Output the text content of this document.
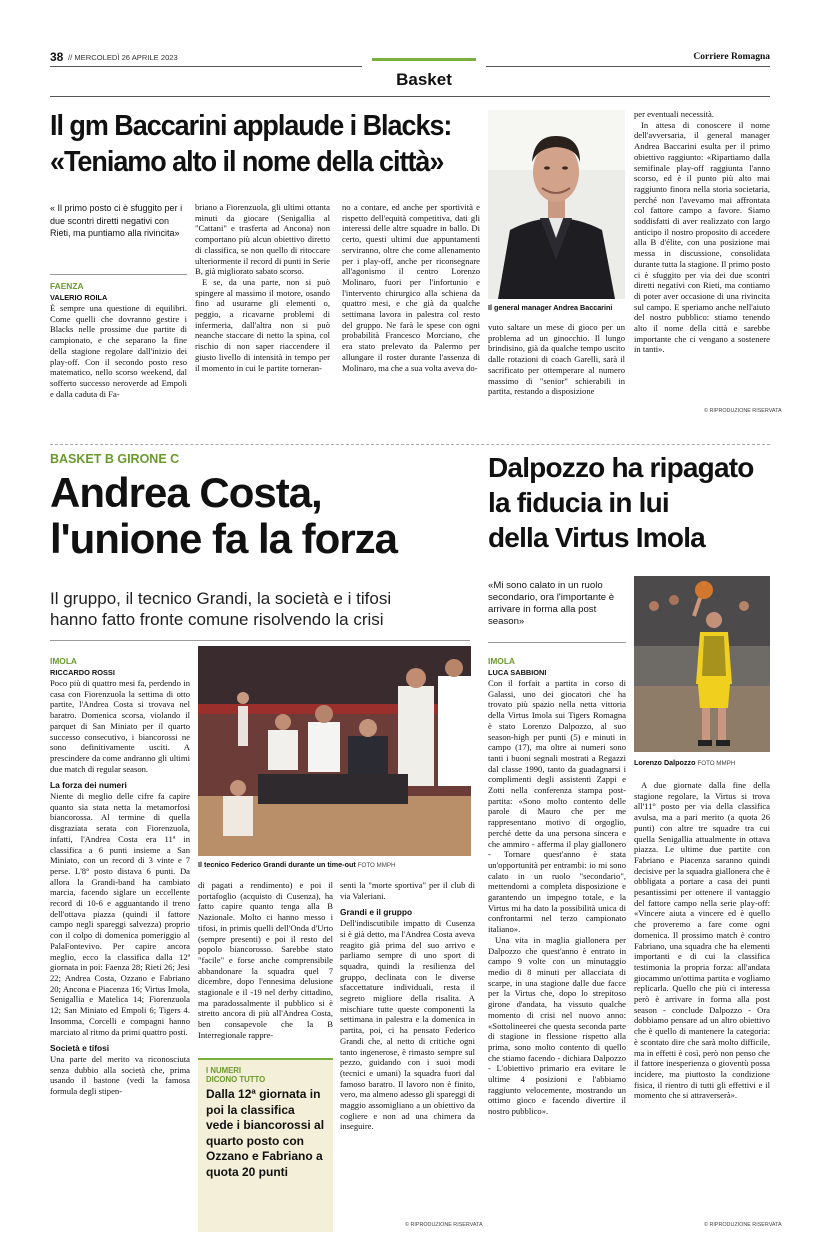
38 // MERCOLEDÌ 26 APRILE 2023	Corriere Romagna
Basket
Il gm Baccarini applaude i Blacks:
«Teniamo alto il nome della città»
« Il primo posto ci è sfuggito per i due scontri diretti negativi con Rieti, ma puntiamo alla rivincita»
FAENZA
VALERIO ROILA

È sempre una questione di equilibri. Come quelli che dovranno gestire i Blacks nelle prossime due partite di campionato, e che separano la fine della stagione regolare dall'inizio dei play-off. Con il secondo posto reso matematico, nello scorso weekend, dal sofferto successo neroverde ad Empoli e dalla caduta di Fa-

briano a Fiorenzuola, gli ultimi ottanta minuti da giocare (Senigallia al "Cattani" e trasferta ad Ancona) non comportano più alcun obiettivo diretto di classifica, se non quello di ritoccare ulteriormente il record di punti in Serie B, già migliorato sabato scorso.

E se, da una parte, non si può spingere al massimo il motore, osando fino ad usurarne gli elementi o, peggio, a ricavarne problemi di infermeria, dall'altra non si può neanche staccare di netto la spina, col rischio di non saper riaccendere il giusto livello di intensità in tempo per il momento in cui le partite torneran-

no a contare, ed anche per sportività e rispetto dell'equità competitiva, dati gli interessi delle altre squadre in ballo. Di certo, questi ultimi due appuntamenti serviranno, oltre che come allenamento per i play-off, anche per riconsegnare all'agonismo il centro Lorenzo Molinaro, fuori per l'infortunio e l'intervento chirurgico alla schiena da quattro mesi, e che già da qualche settimana lavora in palestra col resto del gruppo. Ne farà le spese con ogni probabilità Francesco Morciano, che era stato prelevato da Palermo per allungare il roster durante l'assenza di Molinaro, ma che a sua volta aveva do-

Il general manager Andrea Baccarini

vuto saltare un mese di gioco per un problema ad un ginocchio. Il lungo brindisino, già da qualche tempo uscito dalle rotazioni di coach Garelli, sarà il sacrificato per ottemperare al numero massimo di "senior" schierabili in partita, restando a disposizione

per eventuali necessità.

In attesa di conoscere il nome dell'avversaria, il general manager Andrea Baccarini esulta per il primo obiettivo raggiunto: «Ripartiamo dalla semifinale play-off raggiunta l'anno scorso, ed è il punto più alto mai raggiunto finora nella storia societaria, perché non l'avevamo mai affrontata col fattore campo a favore. Siamo soddisfatti di aver realizzato con largo anticipo il nostro proposito di accedere alla B d'élite, con una posizione mai messa in discussione, consolidata durante tutta la stagione. Il primo posto ci è sfuggito per via dei due scontri diretti negativi con Rieti, ma contiamo di poter aver occasione di una rivincita sul campo. E speriamo anche nell'aiuto del nostro pubblico: stiamo tenendo alto il nome della città e sarebbe importante che ci vengano a sostenere in tanti».

© RIPRODUZIONE RISERVATA
BASKET B GIRONE C
Andrea Costa,
l'unione fa la forza
Il gruppo, il tecnico Grandi, la società e i tifosi
hanno fatto fronte comune risolvendo la crisi
IMOLA
RICCARDO ROSSI

Poco più di quattro mesi fa, perdendo in casa con Fiorenzuola la settima di otto partite, l'Andrea Costa si trovava nel baratro. Domenica scorsa, violando il parquet di San Miniato per il quarto successo consecutivo, i biancorossi ne sono definitivamente usciti. A prescindere da come andranno gli ultimi due match di regular season.

La forza dei numeri

Niente di meglio delle cifre fa capire quanto sia stata netta la metamorfosi biancorossa. Al termine di quella disgraziata serata con Fiorenzuola, infatti, l'Andrea Costa era 11ª in classifica a 6 punti insieme a San Miniato, con un record di 3 vinte e 7 perse. L'8° posto distava 6 punti. Da allora la Grandi-band ha cambiato marcia, facendo siglare un eccellente record di 10-6 e agguantando il treno dell'ottava piazza (quindi il fattore campo negli spareggi salvezza) proprio con il colpo di domenica pomeriggio al PalaFontevivo. Per capire ancora meglio, ecco la classifica dalla 12ª giornata in poi: Faenza 28; Rieti 26; Jesi 22; Andrea Costa, Ozzano e Fabriano 20; Ancona e Piacenza 16; Virtus Imola, Senigallia e Matelica 14; Fiorenzuola 12; San Miniato ed Empoli 6; Tigers 4. Insomma, Corcelli e compagni hanno marciato al ritmo da primi quattro posti.

Società e tifosi

Una parte del merito va riconosciuta senza dubbio alla società che, prima usando il bastone (vedi la famosa formula degli stipen-

Il tecnico Federico Grandi durante un time-out FOTO MMPH

di pagati a rendimento) e poi il portafoglio (acquisto di Cusenza), ha fatto capire quanto tenga alla B Nazionale. Molto ci hanno messo i tifosi, in primis quelli dell'Onda d'Urto (sempre presenti) e poi il resto del popolo biancorosso. Sarebbe stato "facile" e forse anche comprensibile abbandonare la squadra quel 7 dicembre, dopo l'ennesima delusione stagionale e il -19 nel derby cittadino, ma paradossalmente il pubblico si è stretto ancora di più all'Andrea Costa, ben consapevole che la B Interregionale rappre-

I NUMERI DICONO TUTTO
Dalla 12ª giornata in poi la classifica vede i biancorossi al quarto posto con Ozzano e Fabriano a quota 20 punti

senti la "morte sportiva" per il club di via Valeriani.

Grandi e il gruppo

Dell'indiscutibile impatto di Cusenza si è già detto, ma l'Andrea Costa aveva reagito già prima del suo arrivo e parliamo sempre di uno sport di squadra, quindi la resilienza del gruppo, declinata con le diverse sfaccettature individuali, resta il segreto migliore della risalita. A mischiare tutte queste componenti la settimana in palestra e la domenica in partita, poi, ci ha pensato Federico Grandi che, al netto di critiche ogni tanto ingenerose, è rimasto sempre sul pezzo, guidando con i suoi modi (tecnici e umani) la squadra fuori dal famoso baratro. Il lavoro non è finito, vero, ma almeno adesso gli spareggi di maggio assomigliano a un obiettivo da cogliere e non ad una chimera da inseguire.

© RIPRODUZIONE RISERVATA
Dalpozzo ha ripagato
la fiducia in lui
della Virtus Imola
«Mi sono calato in un ruolo secondario, ora l'importante è arrivare in forma alla post season»
IMOLA
LUCA SABBIONI

Con il forfait a partita in corso di Galassi, uno dei giocatori che ha trovato più spazio nella netta vittoria della Virtus Imola sui Tigers Romagna è stato Lorenzo Dalpozzo, al suo season-high per punti (5) e minuti in campo (17), ma oltre ai numeri sono tanti i buoni segnali mostrati a Regazzi dal classe 1990, tanto da guadagnarsi i complimenti degli assistenti Zappi e Zotti nella conferenza stampa post-partita: «Sono molto contento delle parole di Mauro che per me rappresentano motivo di orgoglio, perché dette da una persona sincera e che ammiro - afferma il play giallonero - Tornare quest'anno è stata un'opportunità per entrambi: io mi sono calato in un ruolo "secondario", mettendomi a completa disposizione e garantendo un impegno totale, e la Virtus mi ha dato la possibilità unica di confrontarmi nel terzo campionato italiano».

Una vita in maglia giallonera per Dalpozzo che quest'anno è entrato in campo 9 volte con un minutaggio medio di 8 minuti per allacciata di scarpe, in una stagione dalle due facce per la Virtus che, dopo lo strepitoso girone d'andata, ha vissuto qualche momento di crisi nel nuovo anno: «Sottolineerei che questa seconda parte di stagione in flessione rispetto alla prima, sono molto contento di quello che stiamo facendo - dichiara Dalpozzo - L'obiettivo primario era evitare le ultime 4 posizioni e l'abbiamo raggiunto velocemente, mostrando un ottimo gioco e facendo divertire il nostro pubblico».

Lorenzo Dalpozzo FOTO MMPH

A due giornate dalla fine della stagione regolare, la Virtus si trova all'11° posto per via della classifica avulsa, ma a pari merito (a quota 26 punti) con altre tre squadre tra cui quella Senigallia attualmente in ottava piazza. Le ultime due partite con Fabriano e Piacenza saranno quindi decisive per la squadra giallonera che è obbligata a portare a casa dei punti pesantissimi per ottenere il vantaggio del fattore campo nella serie play-off: «Vincere aiuta a vincere ed è quello che proveremo a fare come ogni domenica. Il prossimo match è contro Fabriano, una squadra che ha elementi importanti e di cui la classifica testimonia la propria forza: all'andata giocammo un'ottima partita e vogliamo replicarla. Quello che più ci interessa però è arrivare in forma alla post season - conclude Dalpozzo - Ora dobbiamo pensare ad un altro obiettivo che è quello di mantenere la categoria: è scontato dire che sarà molto difficile, ma in effetti è così, però non penso che il fattore inesperienza o gioventù possa incidere, ma piuttosto la condizione fisica, il rientro di tutti gli effettivi e il momento che si attraverserà».

© RIPRODUZIONE RISERVATA
